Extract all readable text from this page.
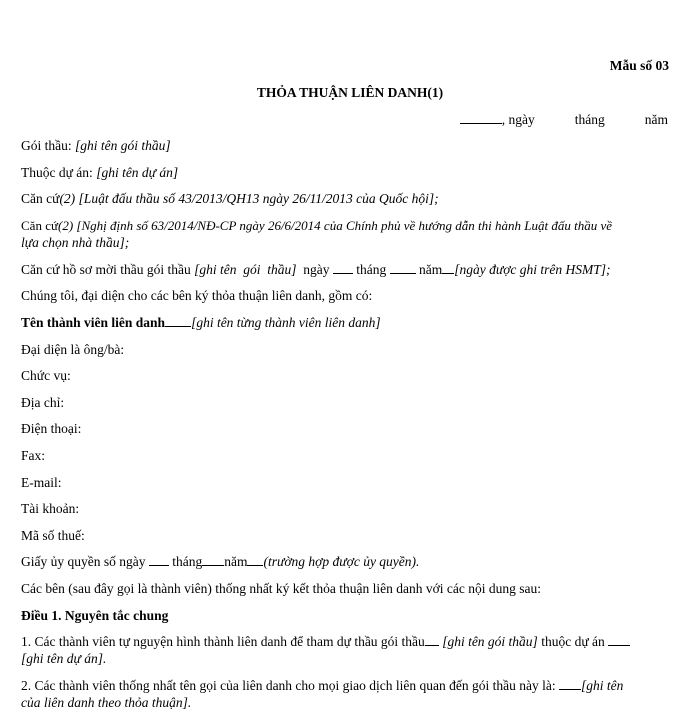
Mẫu số 03
THỎA THUẬN LIÊN DANH(1)
, ngày	tháng	năm
Gói thầu: [ghi tên gói thầu]
Thuộc dự án: [ghi tên dự án]
Căn cứ(2) [Luật đấu thầu số 43/2013/QH13 ngày 26/11/2013 của Quốc hội];
Căn cứ(2) [Nghị định số 63/2014/NĐ-CP ngày 26/6/2014 của Chính phủ về hướng dẫn thi hành Luật đấu thầu về
lựa chọn nhà thầu];
Căn cứ hồ sơ mời thầu gói thầu [ghi tên  gói  thầu]  ngày  tháng  năm [ngày được ghi trên HSMT];
Chúng tôi, đại diện cho các bên ký thỏa thuận liên danh, gồm có:
Tên thành viên liên danh [ghi tên từng thành viên liên danh]
Đại diện là ông/bà:
Chức vụ:
Địa chỉ:
Điện thoại:
Fax:
E-mail:
Tài khoản:
Mã số thuế:
Giấy ủy quyền số ngày  tháng năm (trường hợp được ủy quyền).
Các bên (sau đây gọi là thành viên) thống nhất ký kết thỏa thuận liên danh với các nội dung sau:
Điều 1. Nguyên tắc chung
1. Các thành viên tự nguyện hình thành liên danh để tham dự thầu gói thầu [ghi tên gói thầu] thuộc dự án
[ghi tên dự án].
2. Các thành viên thống nhất tên gọi của liên danh cho mọi giao dịch liên quan đến gói thầu này là: [ghi tên
của liên danh theo thỏa thuận].
